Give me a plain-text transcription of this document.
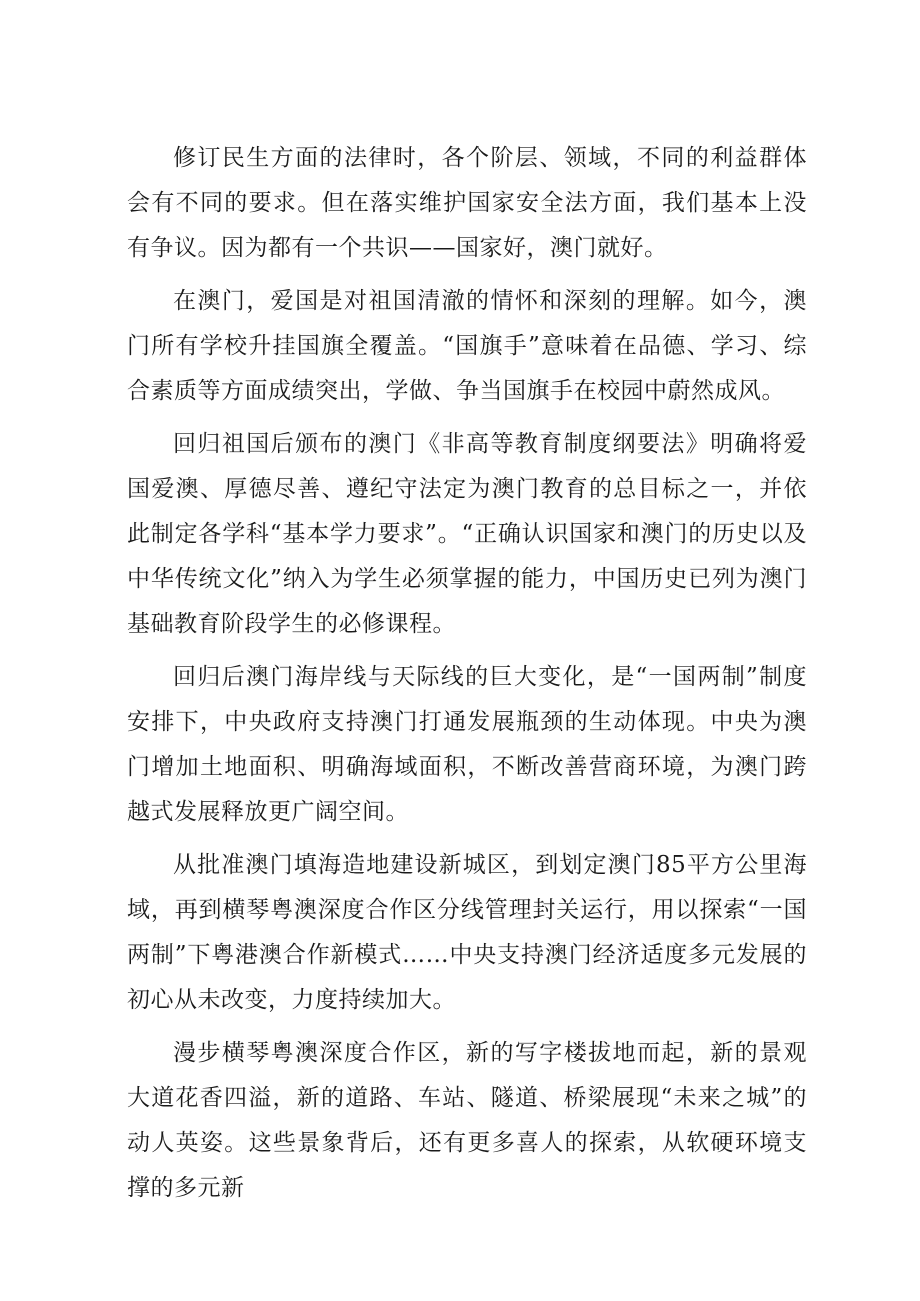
修订民生方面的法律时，各个阶层、领域，不同的利益群体会有不同的要求。但在落实维护国家安全法方面，我们基本上没有争议。因为都有一个共识——国家好，澳门就好。

在澳门，爱国是对祖国清澈的情怀和深刻的理解。如今，澳门所有学校升挂国旗全覆盖。“国旗手”意味着在品德、学习、综合素质等方面成绩突出，学做、争当国旗手在校园中蔚然成风。

回归祖国后颁布的澳门《非高等教育制度纲要法》明确将爱国爱澳、厚德尽善、遵纪守法定为澳门教育的总目标之一，并依此制定各学科“基本学力要求”。“正确认识国家和澳门的历史以及中华传统文化”纳入为学生必须掌握的能力，中国历史已列为澳门基础教育阶段学生的必修课程。

回归后澳门海岸线与天际线的巨大变化，是“一国两制”制度安排下，中央政府支持澳门打通发展瓶颈的生动体现。中央为澳门增加土地面积、明确海域面积，不断改善营商环境，为澳门跨越式发展释放更广阔空间。

从批准澳门填海造地建设新城区，到划定澳门85平方公里海域，再到横琴粤澳深度合作区分线管理封关运行，用以探索“一国两制”下粤港澳合作新模式……中央支持澳门经济适度多元发展的初心从未改变，力度持续加大。

漫步横琴粤澳深度合作区，新的写字楼拔地而起，新的景观大道花香四溢，新的道路、车站、隧道、桥梁展现“未来之城”的动人英姿。这些景象背后，还有更多喜人的探索，从软硬环境支撑的多元新
